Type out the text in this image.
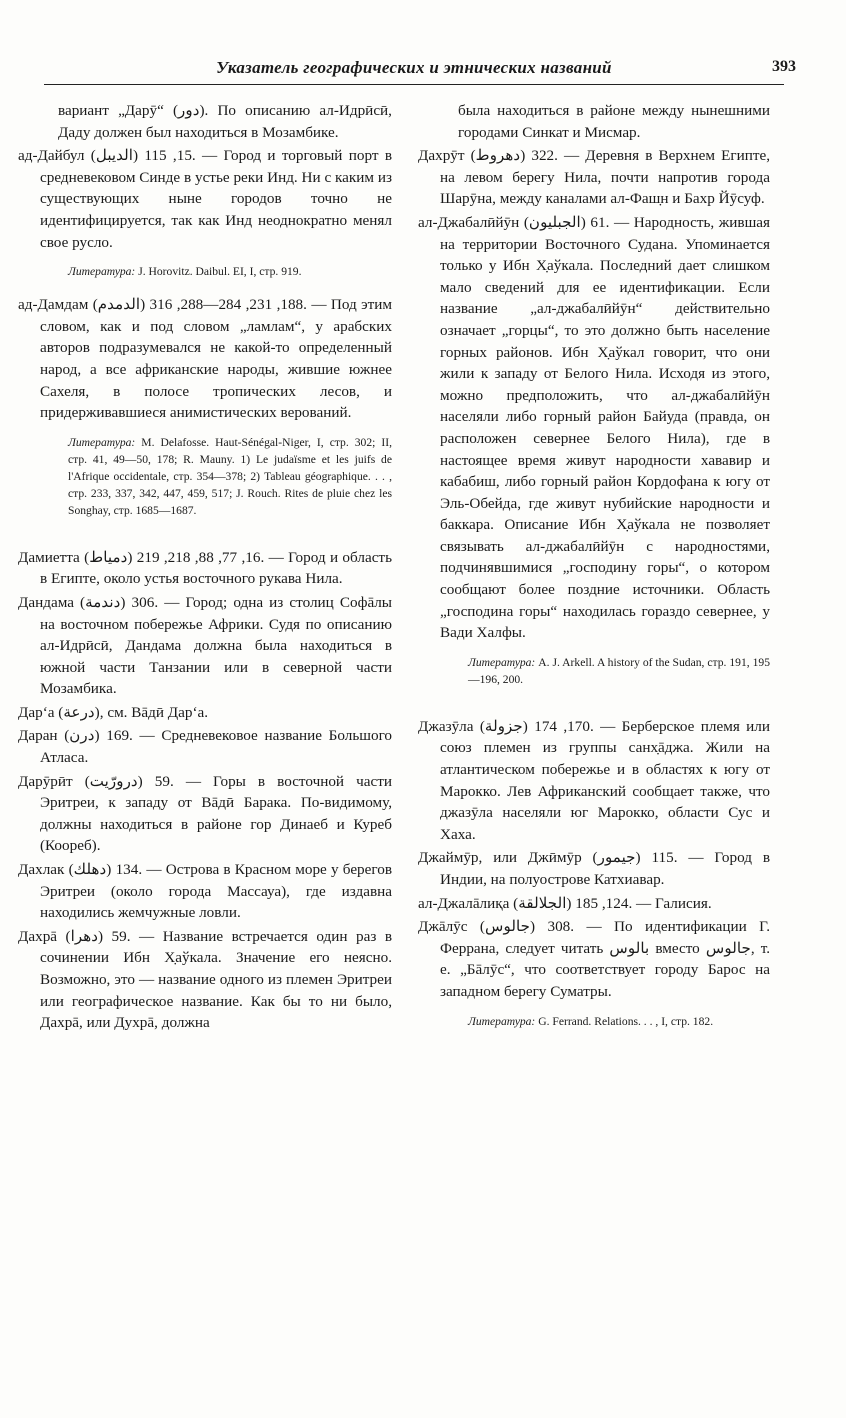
Указатель географических и этнических названий	393

вариант „Дарӯ“ (دور). По описанию ал-Идрӣсӣ, Даду должен был находиться в Мозамбике.

ад-Дайбул (الديبل) 15, 115. — Город и торговый порт в средневековом Синде в устье реки Инд. Ни с каким из существующих ныне городов точно не идентифицируется, так как Инд неоднократно менял свое русло.

Литература: J. Horovitz. Daibul. EI, I, стр. 919.

ад-Дамдам (الدمدم) 188, 231, 284—288, 316. — Под этим словом, как и под словом „ламлам“, у арабских авторов подразумевался не какой-то определенный народ, а все африканские народы, жившие южнее Сахеля, в полосе тропических лесов, и придерживавшиеся анимистических верований.

Литература: M. Delafosse. Haut-Sénégal-Niger, I, стр. 302; II, стр. 41, 49—50, 178; R. Mauny. 1) Le judaïsme et les juifs de l'Afrique occidentale, стр. 354—378; 2) Tableau géographique. . . , стр. 233, 337, 342, 447, 459, 517; J. Rouch. Rites de pluie chez les Songhay, стр. 1685—1687.

Дамиетта (دمياط) 16, 77, 88, 218, 219. — Город и область в Египте, около устья восточного рукава Нила.

Дандама (دندمة) 306. — Город; одна из столиц Софāлы на восточном побережье Африки. Судя по описанию ал-Идрӣсӣ, Дандама должна была находиться в южной части Танзании или в северной части Мозамбика.

Дар‘а (درعة), см. Вāдӣ Дар‘а.

Даран (درن) 169. — Средневековое название Большого Атласа.

Дарӯрӣт (درورّيت) 59. — Горы в восточной части Эритреи, к западу от Вāдӣ Барака. По-видимому, должны находиться в районе гор Динаеб и Куреб (Коореб).

Дахлак (دهلك) 134. — Острова в Красном море у берегов Эритреи (около города Массауа), где издавна находились жемчужные ловли.

Дахрā (دهرا) 59. — Название встречается один раз в сочинении Ибн Х̣аўкала. Значение его неясно. Возможно, это — название одного из племен Эритреи или географическое название. Как бы то ни было, Дахрā, или Духрā, должна

была находиться в районе между нынешними городами Синкат и Мисмар.

Дахрӯт (دهروط) 322. — Деревня в Верхнем Египте, на левом берегу Нила, почти напротив города Шарӯна, между каналами ал-Фаш̣н и Бахр Йӯсуф.

ал-Джабалӣйӯн (الجبليون) 61. — Народность, жившая на территории Восточного Судана. Упоминается только у Ибн Х̣аўкала. Последний дает слишком мало сведений для ее идентификации. Если название „ал-джабалӣйӯн“ действительно означает „горцы“, то это должно быть население горных районов. Ибн Х̣аўкал говорит, что они жили к западу от Белого Нила. Исходя из этого, можно предположить, что ал-джабалӣйӯн населяли либо горный район Байуда (правда, он расположен севернее Белого Нила), где в настоящее время живут народности хававир и кабабиш, либо горный район Кордофана к югу от Эль-Обейда, где живут нубийские народности и баккара. Описание Ибн Х̣аўкала не позволяет связывать ал-джабалӣйӯн с народностями, подчинявшимися „господину горы“, о котором сообщают более поздние источники. Область „господина горы“ находилась гораздо севернее, у Вади Халфы.

Литература: A. J. Arkell. A history of the Sudan, стр. 191, 195—196, 200.

Джазӯла (جزولة) 170, 174. — Берберское племя или союз племен из группы санх̣āджа. Жили на атлантическом побережье и в областях к югу от Марокко. Лев Африканский сообщает также, что джазӯла населяли юг Марокко, области Сус и Хаха.

Джаймӯр, или Джӣмӯр (جيمور) 115. — Город в Индии, на полуострове Катхиавар.

ал-Джалāлиқа (الجلالقة) 124, 185. — Галисия.

Джāлӯс (جالوس) 308. — По идентификации Г. Феррана, следует читать بالوس вместо جالوس, т. е. „Бāлӯс“, что соответствует городу Барос на западном берегу Суматры.

Литература: G. Ferrand. Relations. . . , I, стр. 182.
